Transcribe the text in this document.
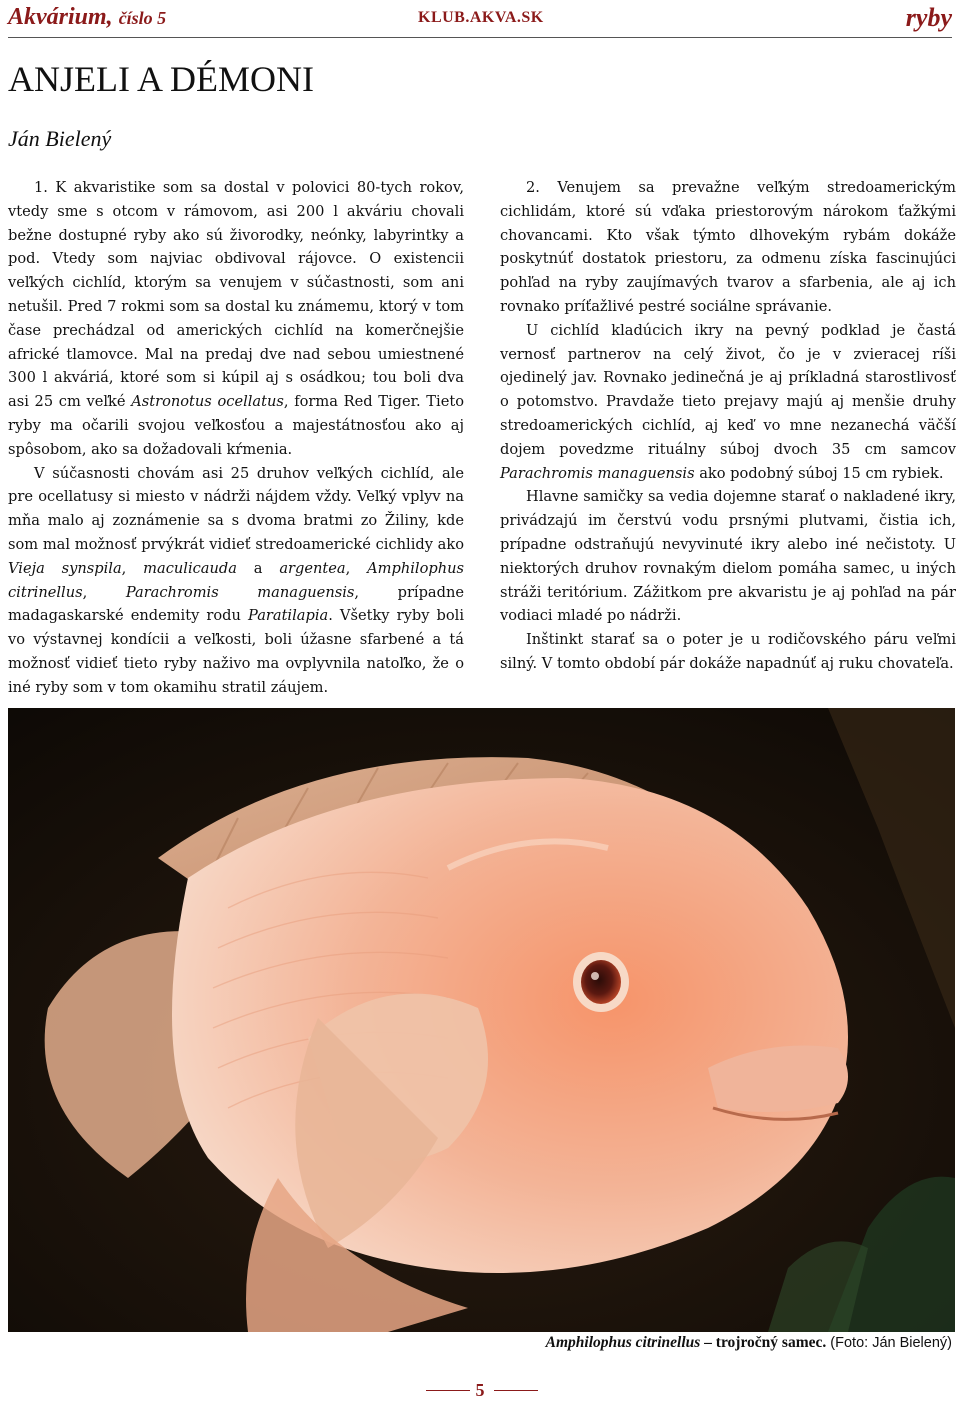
Akvárium, číslo 5	KLUB.AKVA.SK	ryby
ANJELI A DÉMONI
Ján Bielený

1. K akvaristike som sa dostal v polovici 80-tych rokov, vtedy sme s otcom v rámovom, asi 200 l akváriu chovali bežne dostupné ryby ako sú živorodky, neónky, labyrintky a pod. Vtedy som najviac obdivoval rájovce. O existencii veľkých cichlíd, ktorým sa venujem v súčastnosti, som ani netušil. Pred 7 rokmi som sa dostal ku známemu, ktorý v tom čase prechádzal od amerických cichlíd na komerčnejšie africké tlamovce. Mal na predaj dve nad sebou umiestnené 300 l akváriá, ktoré som si kúpil aj s osádkou; tou boli dva asi 25 cm veľké Astronotus ocellatus, forma Red Tiger. Tieto ryby ma očarili svojou veľkosťou a majestátnosťou ako aj spôsobom, ako sa dožadovali kŕmenia.

V súčasnosti chovám asi 25 druhov veľkých cichlíd, ale pre ocellatusy si miesto v nádrži nájdem vždy. Veľký vplyv na mňa malo aj zoznámenie sa s dvoma bratmi zo Žiliny, kde som mal možnosť prvýkrát vidieť stredoamerické cichlidy ako Vieja synspila, maculicauda a argentea, Amphilophus citrinellus, Parachromis managuensis, prípadne madagaskarské endemity rodu Paratilapia. Všetky ryby boli vo výstavnej kondícii a veľkosti, boli úžasne sfarbené a tá možnosť vidieť tieto ryby naživo ma ovplyvnila natoľko, že o iné ryby som v tom okamihu stratil záujem.

2. Venujem sa prevažne veľkým stredoamerickým cichlidám, ktoré sú vďaka priestorovým nárokom ťažkými chovancami. Kto však týmto dlhovekým rybám dokáže poskytnúť dostatok priestoru, za odmenu získa fascinujúci pohľad na ryby zaujímavých tvarov a sfarbenia, ale aj ich rovnako príťažlivé pestré sociálne správanie.

U cichlíd kladúcich ikry na pevný podklad je častá vernosť partnerov na celý život, čo je v zvieracej ríši ojedinelý jav. Rovnako jedinečná je aj príkladná starostlivosť o potomstvo. Pravdaže tieto prejavy majú aj menšie druhy stredoamerických cichlíd, aj keď vo mne nezanechá väčší dojem povedzme rituálny súboj dvoch 35 cm samcov Parachromis managuensis ako podobný súboj 15 cm rybiek.

Hlavne samičky sa vedia dojemne starať o nakladené ikry, privádzajú im čerstvú vodu prsnými plutvami, čistia ich, prípadne odstraňujú nevyvinuté ikry alebo iné nečistoty. U niektorých druhov rovnakým dielom pomáha samec, u iných stráži teritórium. Zážitkom pre akvaristu je aj pohľad na pár vodiaci mladé po nádrži.

Inštinkt starať sa o poter je u rodičovského páru veľmi silný. V tomto období pár dokáže napadnúť aj ruku chovateľa.

Amphilophus citrinellus – trojročný samec. (Foto: Ján Bielený)
5
